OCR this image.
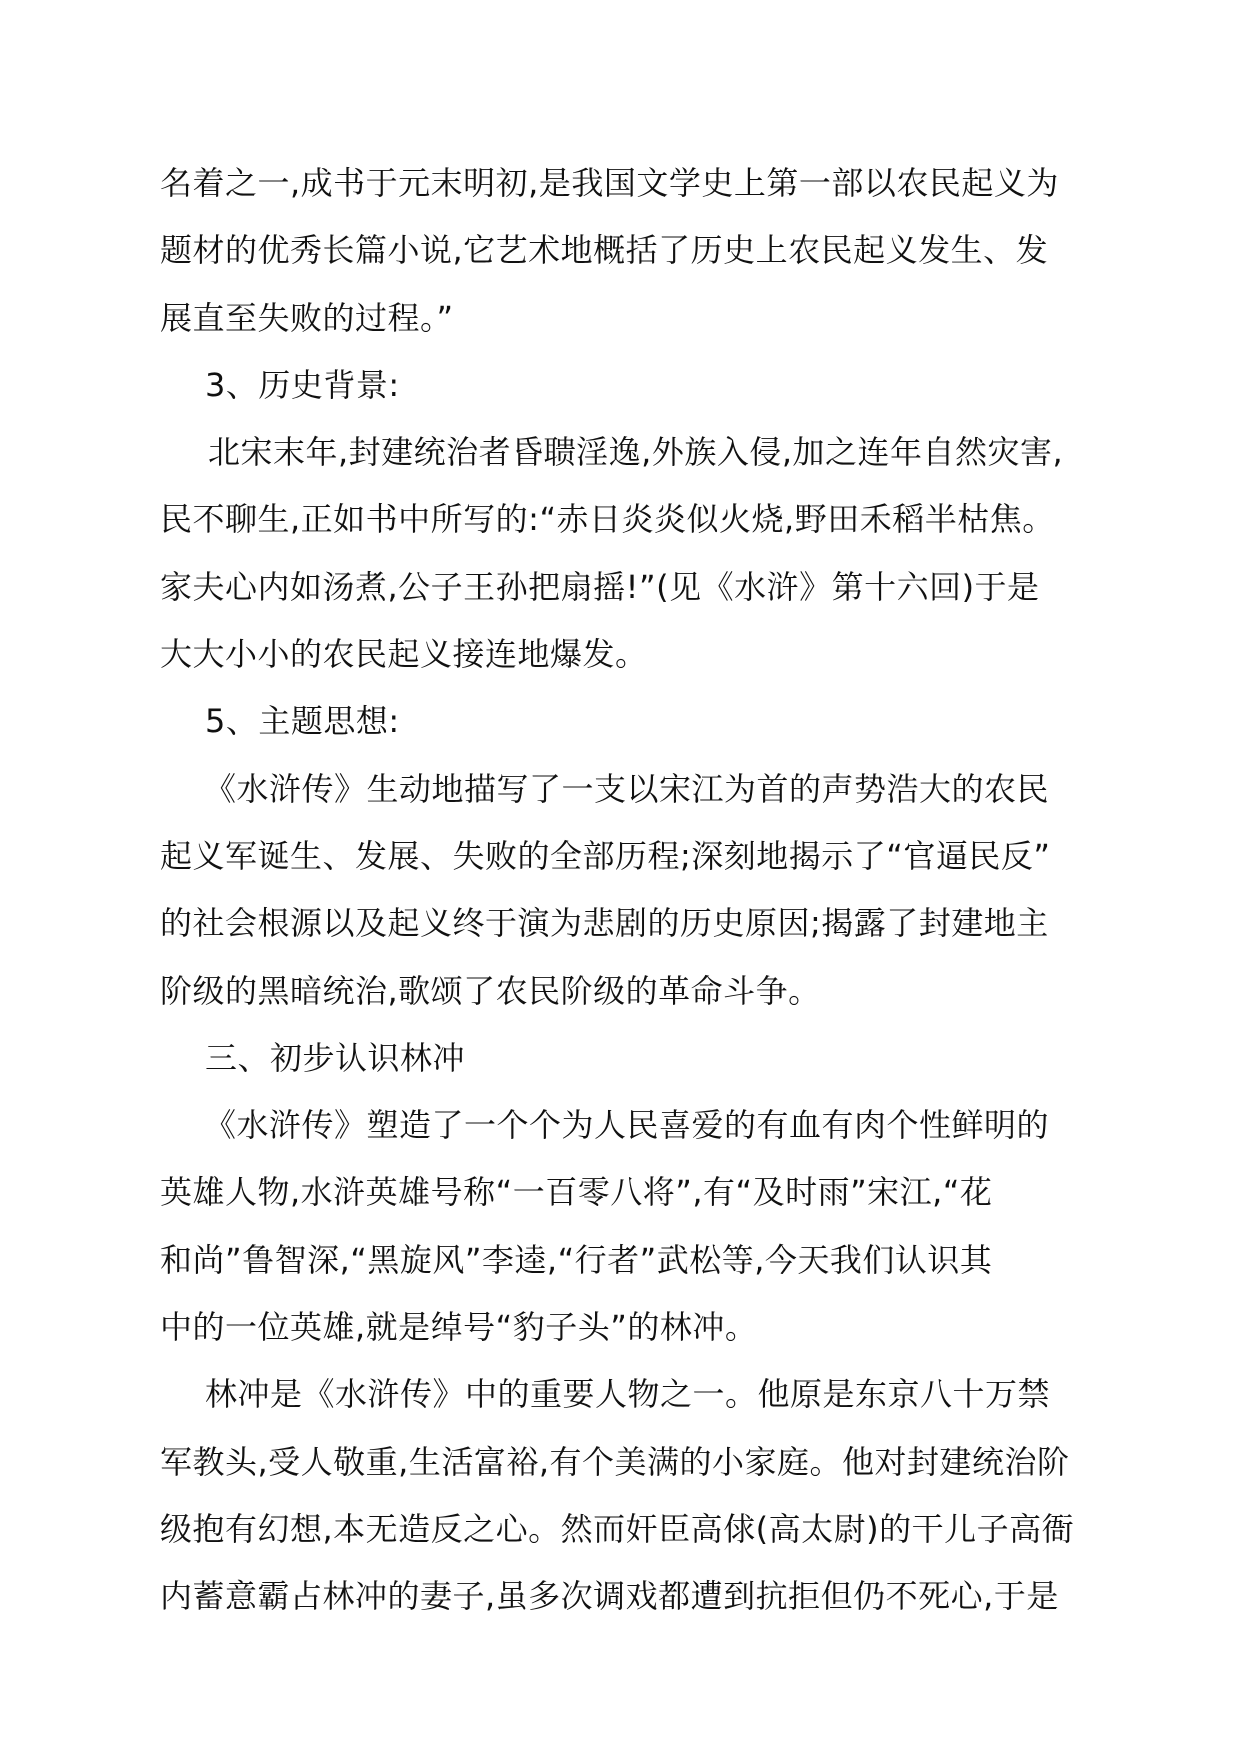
名着之一,成书于元末明初,是我国文学史上第一部以农民起义为
题材的优秀长篇小说,它艺术地概括了历史上农民起义发生、发
展直至失败的过程。”
3、历史背景:
北宋末年,封建统治者昏聩淫逸,外族入侵,加之连年自然灾害,
民不聊生,正如书中所写的:“赤日炎炎似火烧,野田禾稻半枯焦。
家夫心内如汤煮,公子王孙把扇摇!”(见《水浒》第十六回)于是
大大小小的农民起义接连地爆发。
5、主题思想:
《水浒传》生动地描写了一支以宋江为首的声势浩大的农民
起义军诞生、发展、失败的全部历程;深刻地揭示了“官逼民反”
的社会根源以及起义终于演为悲剧的历史原因;揭露了封建地主
阶级的黑暗统治,歌颂了农民阶级的革命斗争。
三、初步认识林冲
《水浒传》塑造了一个个为人民喜爱的有血有肉个性鲜明的
英雄人物,水浒英雄号称“一百零八将”,有“及时雨”宋江,“花
和尚”鲁智深,“黑旋风”李逵,“行者”武松等,今天我们认识其
中的一位英雄,就是绰号“豹子头”的林冲。
林冲是《水浒传》中的重要人物之一。他原是东京八十万禁
军教头,受人敬重,生活富裕,有个美满的小家庭。他对封建统治阶
级抱有幻想,本无造反之心。然而奸臣高俅(高太尉)的干儿子高衙
内蓄意霸占林冲的妻子,虽多次调戏都遭到抗拒但仍不死心,于是
